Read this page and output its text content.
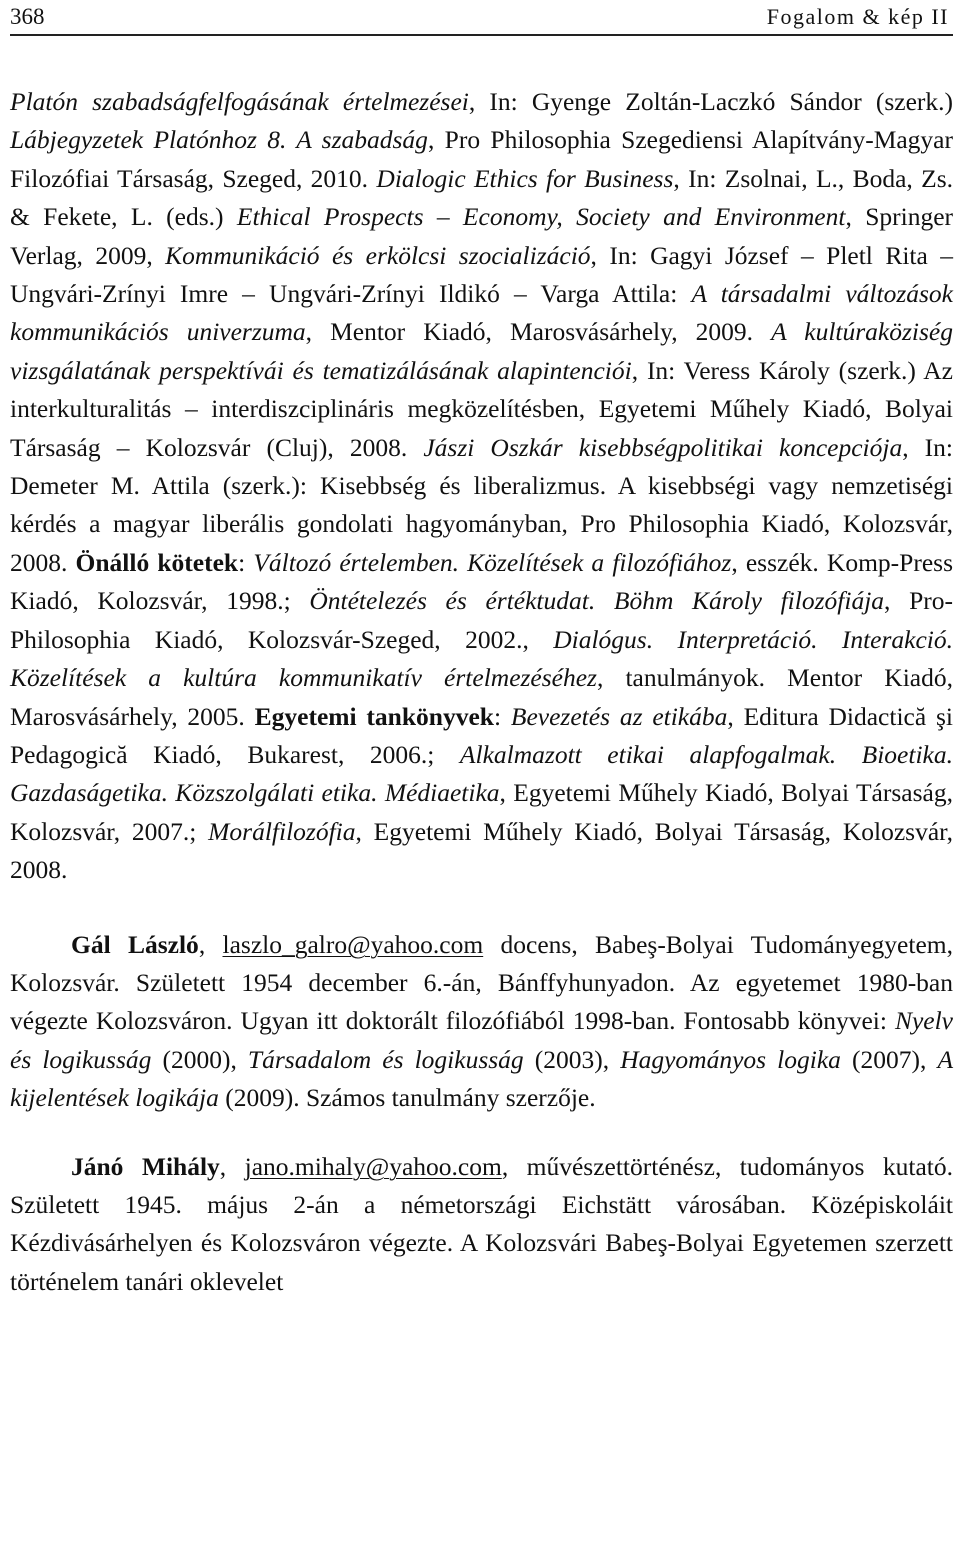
368	Fogalom & kép II

Platón szabadságfelfogásának értelmezései, In: Gyenge Zoltán-Laczkó Sándor (szerk.) Lábjegyzetek Platónhoz 8. A szabadság, Pro Philosophia Szegediensi Alapítvány-Magyar Filozófiai Társaság, Szeged, 2010. Dialogic Ethics for Business, In: Zsolnai, L., Boda, Zs. & Fekete, L. (eds.) Ethical Prospects – Economy, Society and Environment, Springer Verlag, 2009, Kommunikáció és erkölcsi szocializáció, In: Gagyi József – Pletl Rita – Ungvári-Zrínyi Imre – Ungvári-Zrínyi Ildikó – Varga Attila: A társadalmi változások kommunikációs univerzuma, Mentor Kiadó, Marosvásárhely, 2009. A kultúraköziség vizsgálatának perspektívái és tematizálásának alapintenciói, In: Veress Károly (szerk.) Az interkulturalitás – interdiszciplináris megközelítésben, Egyetemi Műhely Kiadó, Bolyai Társaság – Kolozsvár (Cluj), 2008. Jászi Oszkár kisebbségpolitikai koncepciója, In: Demeter M. Attila (szerk.): Kisebbség és liberalizmus. A kisebbségi vagy nemzetiségi kérdés a magyar liberális gondolati hagyományban, Pro Philosophia Kiadó, Kolozsvár, 2008. Önálló kötetek: Változó értelemben. Közelítések a filozófiához, esszék. Komp-Press Kiadó, Kolozsvár, 1998.; Öntételezés és értéktudat. Böhm Károly filozófiája, Pro-Philosophia Kiadó, Kolozsvár-Szeged, 2002., Dialógus. Interpretáció. Interakció. Közelítések a kultúra kommunikatív értelmezéséhez, tanulmányok. Mentor Kiadó, Marosvásárhely, 2005. Egyetemi tankönyvek: Bevezetés az etikába, Editura Didactică şi Pedagogică Kiadó, Bukarest, 2006.; Alkalmazott etikai alapfogalmak. Bioetika. Gazdaságetika. Közszolgálati etika. Médiaetika, Egyetemi Műhely Kiadó, Bolyai Társaság, Kolozsvár, 2007.; Morálfilozófia, Egyetemi Műhely Kiadó, Bolyai Társaság, Kolozsvár, 2008.

Gál László, laszlo_galro@yahoo.com docens, Babeş-Bolyai Tudományegyetem, Kolozsvár. Született 1954 december 6.-án, Bánffyhunyadon. Az egyetemet 1980-ban végezte Kolozsváron. Ugyan itt doktorált filozófiából 1998-ban. Fontosabb könyvei: Nyelv és logikusság (2000), Társadalom és logikusság (2003), Hagyományos logika (2007), A kijelentések logikája (2009). Számos tanulmány szerzője.

Jánó Mihály, jano.mihaly@yahoo.com, művészettörténész, tudományos kutató. Született 1945. május 2-án a németországi Eichstätt városában. Középiskoláit Kézdivásárhelyen és Kolozsváron végezte. A Kolozsvári Babeş-Bolyai Egyetemen szerzett történelem tanári oklevelet
